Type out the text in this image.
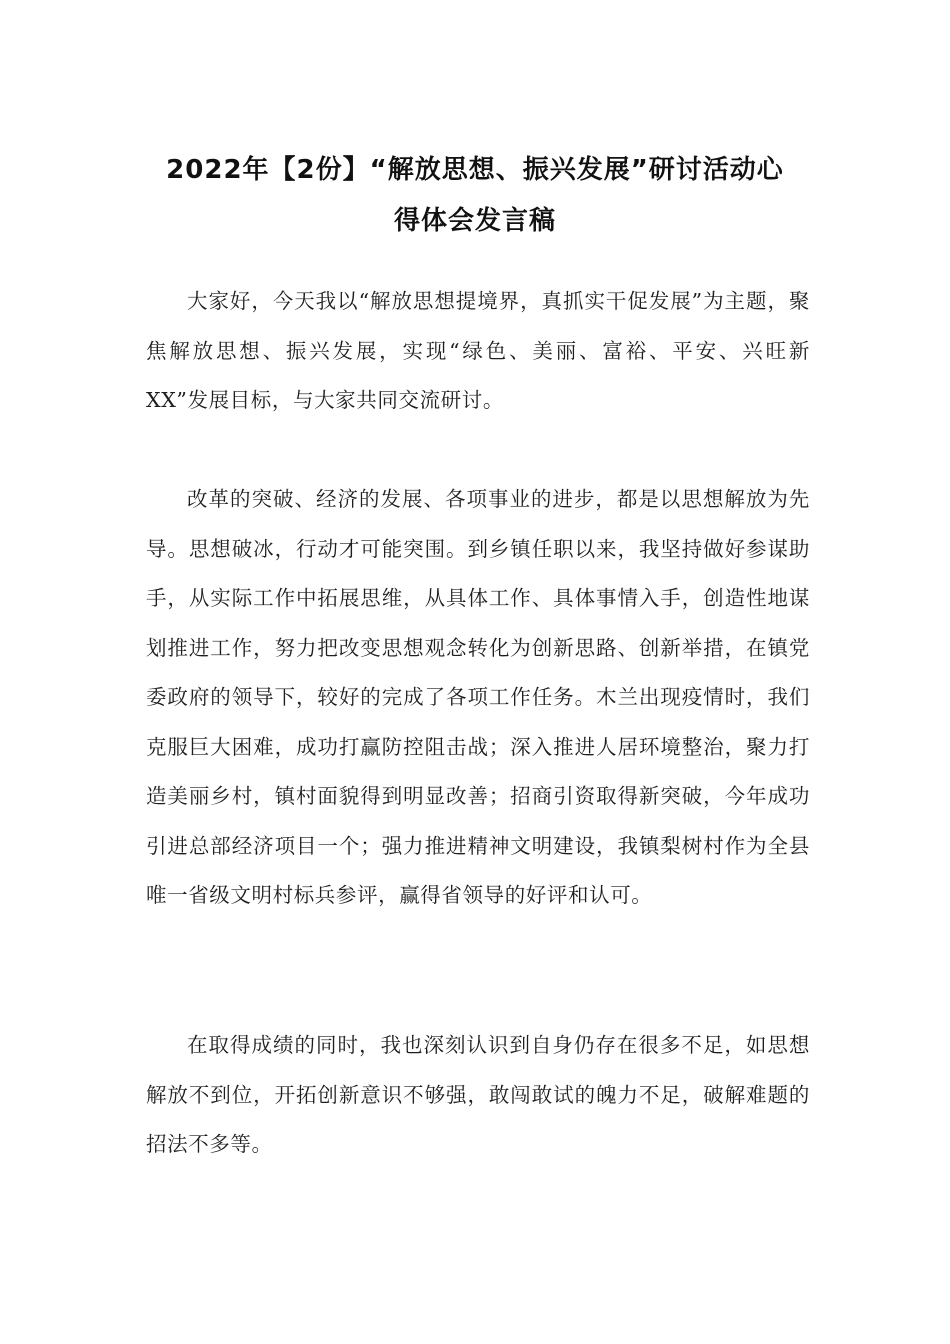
2022年【2份】“解放思想、振兴发展”研讨活动心
得体会发言稿

大家好，今天我以“解放思想提境界，真抓实干促发展”为主题，聚焦解放思想、振兴发展，实现“绿色、美丽、富裕、平安、兴旺新XX”发展目标，与大家共同交流研讨。

改革的突破、经济的发展、各项事业的进步，都是以思想解放为先导。思想破冰，行动才可能突围。到乡镇任职以来，我坚持做好参谋助手，从实际工作中拓展思维，从具体工作、具体事情入手，创造性地谋划推进工作，努力把改变思想观念转化为创新思路、创新举措，在镇党委政府的领导下，较好的完成了各项工作任务。木兰出现疫情时，我们克服巨大困难，成功打赢防控阻击战；深入推进人居环境整治，聚力打造美丽乡村，镇村面貌得到明显改善；招商引资取得新突破，今年成功引进总部经济项目一个；强力推进精神文明建设，我镇梨树村作为全县唯一省级文明村标兵参评，赢得省领导的好评和认可。

在取得成绩的同时，我也深刻认识到自身仍存在很多不足，如思想解放不到位，开拓创新意识不够强，敢闯敢试的魄力不足，破解难题的招法不多等。
